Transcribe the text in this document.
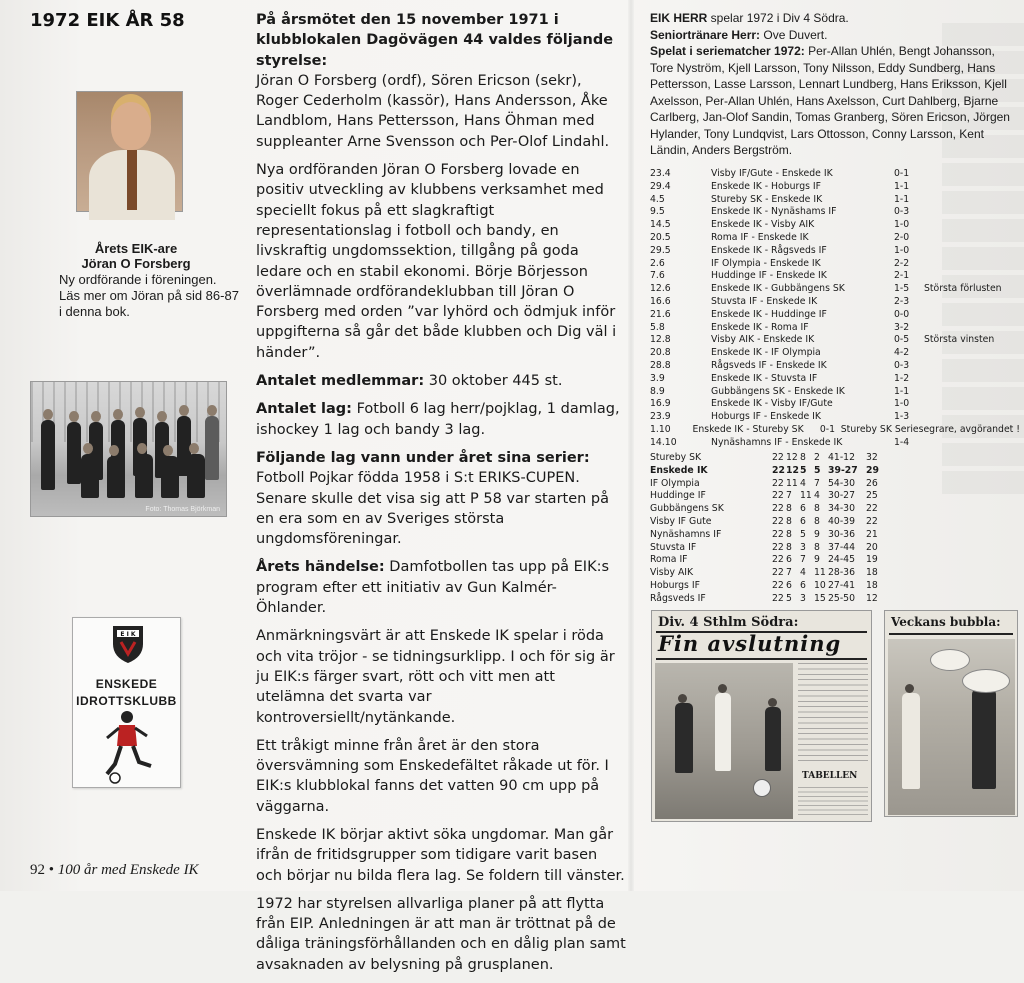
1972 EIK ÅR 58
Årets EIK-are
Jöran O Forsberg
Ny ordförande i föreningen.
Läs mer om Jöran på sid 86-87
i denna bok.
Foto: Thomas Björkman
E I K
ENSKEDE
IDROTTSKLUBB
92 • 100 år med Enskede IK

På årsmötet den 15 november 1971 i klubblokalen Dagövägen 44 valdes följande styrelse:
Jöran O Forsberg (ordf), Sören Ericson (sekr), Roger Cederholm (kassör), Hans Andersson, Åke Landblom, Hans Pettersson, Hans Öhman med suppleanter Arne Svensson och Per-Olof Lindahl.

Nya ordföranden Jöran O Forsberg lovade en positiv utveckling av klubbens verksamhet med speciellt fokus på ett slagkraftigt representationslag i fotboll och bandy, en livskraftig ungdomssektion, tillgång på goda ledare och en stabil ekonomi. Börje Börjesson överlämnade ordförandeklubban till Jöran O Forsberg med orden ”var lyhörd och ödmjuk inför uppgifterna så går det både klubben och Dig väl i händer”.

Antalet medlemmar: 30 oktober 445 st.

Antalet lag: Fotboll 6 lag herr/pojklag, 1 damlag, ishockey 1 lag och bandy 3 lag.

Följande lag vann under året sina serier:
Fotboll Pojkar födda 1958 i S:t ERIKS-CUPEN. Senare skulle det visa sig att P 58 var starten på en era som en av Sveriges största ungdomsföreningar.

Årets händelse: Damfotbollen tas upp på EIK:s program efter ett initiativ av Gun Kalmér-Öhlander.

Anmärkningsvärt är att Enskede IK spelar i röda och vita tröjor - se tidningsurklipp. I och för sig är ju EIK:s färger svart, rött och vitt men att utelämna det svarta var kontroversiellt/nytänkande.

Ett tråkigt minne från året är den stora översvämning som Enskedefältet råkade ut för. I EIK:s klubblokal fanns det vatten 90 cm upp på väggarna.

Enskede IK börjar aktivt söka ungdomar. Man går ifrån de fritidsgrupper som tidigare varit basen och börjar nu bilda flera lag. Se foldern till vänster.

1972 har styrelsen allvarliga planer på att flytta från EIP. Anledningen är att man är tröttnat på de dåliga träningsförhållanden och en dålig plan samt avsaknaden av belysning på grusplanen.

EIK HERR spelar 1972 i Div 4 Södra.

Seniortränare Herr: Ove Duvert.

Spelat i seriematcher 1972: Per-Allan Uhlén, Bengt Johansson, Tore Nyström, Kjell Larsson, Tony Nilsson, Eddy Sundberg, Hans Pettersson, Lasse Larsson, Lennart Lundberg, Hans Eriksson, Kjell Axelsson, Per-Allan Uhlén, Hans Axelsson, Curt Dahlberg, Bjarne Carlberg, Jan-Olof Sandin, Tomas Granberg, Sören Ericson, Jörgen Hylander, Tony Lundqvist, Lars Ottosson, Conny Larsson, Kent Ländin, Anders Bergström.

23.4	Visby IF/Gute - Enskede IK	0-1
29.4	Enskede IK - Hoburgs IF	1-1
4.5	Stureby SK - Enskede IK	1-1
9.5	Enskede IK - Nynäshams IF	0-3
14.5	Enskede IK - Visby AIK	1-0
20.5	Roma IF - Enskede IK	2-0
29.5	Enskede IK - Rågsveds IF	1-0
2.6	IF Olympia - Enskede IK	2-2
7.6	Huddinge IF - Enskede IK	2-1
12.6	Enskede IK - Gubbängens SK	1-5	Största förlusten
16.6	Stuvsta IF - Enskede IK	2-3
21.6	Enskede IK - Huddinge IF	0-0
5.8	Enskede IK - Roma IF	3-2
12.8	Visby AIK - Enskede IK	0-5	Största vinsten
20.8	Enskede IK - IF Olympia	4-2
28.8	Rågsveds IF - Enskede IK	0-3
3.9	Enskede IK - Stuvsta IF	1-2
8.9	Gubbängens SK - Enskede IK	1-1
16.9	Enskede IK - Visby IF/Gute	1-0
23.9	Hoburgs IF - Enskede IK	1-3
1.10	Enskede IK - Stureby SK	0-1 Stureby SK Seriesegrare, avgörandet !
14.10	Nynäshamns IF - Enskede IK	1-4
Stureby SK	22 12 8 2 41-12	32
Enskede IK	22 12 5 5 39-27 29
IF Olympia	22 11 4 7 54-30	26
Huddinge IF	22 7 11 4 30-27	25
Gubbängens SK	22 8 6 8 34-30	22
Visby IF Gute	22 8 6 8 40-39	22
Nynäshamns IF	22 8 5 9 30-36	21
Stuvsta IF	22 8 3 8 37-44	20
Roma IF	22 6 7 9 24-45	19
Visby AIK	22 7 4 11 28-36	18
Hoburgs IF	22 6 6 10 27-41	18
Rågsveds IF	22 5 3 15 25-50	12
Div. 4 Sthlm Södra:
Fin avslutning
TABELLEN
Veckans bubbla:
